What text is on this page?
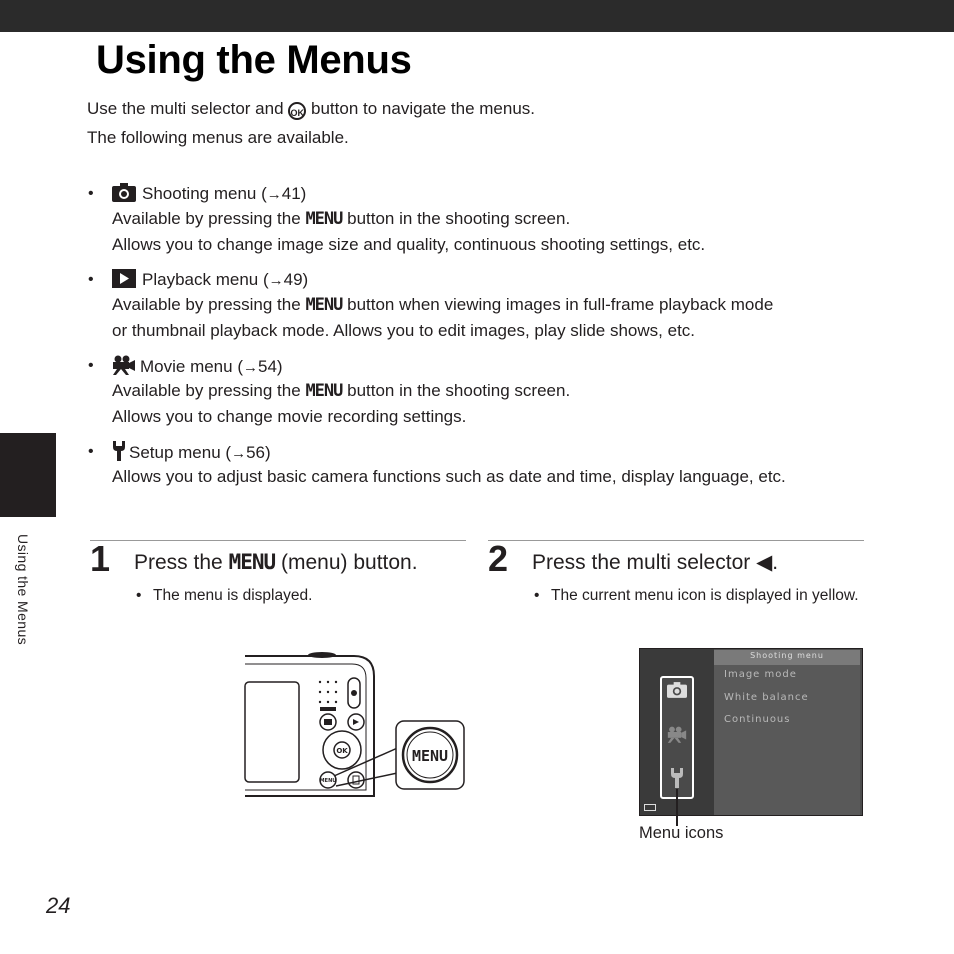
Using the Menus
Using the Menus
Use the multi selector and OK button to navigate the menus.
The following menus are available.
•	Shooting menu (→41)
Available by pressing the MENU button in the shooting screen.
Allows you to change image size and quality, continuous shooting settings, etc.
•	Playback menu (→49)
Available by pressing the MENU button when viewing images in full-frame playback mode
or thumbnail playback mode. Allows you to edit images, play slide shows, etc.
•	Movie menu (→54)
Available by pressing the MENU button in the shooting screen.
Allows you to change movie recording settings.
•	Setup menu (→56)
Allows you to adjust basic camera functions such as date and time, display language, etc.
1 Press the MENU (menu) button.
• The menu is displayed.
OK
MENU
MENU
2 Press the multi selector ◀.
• The current menu icon is displayed in yellow.
Shooting menu
Image mode
White balance
Continuous
Menu icons
24
